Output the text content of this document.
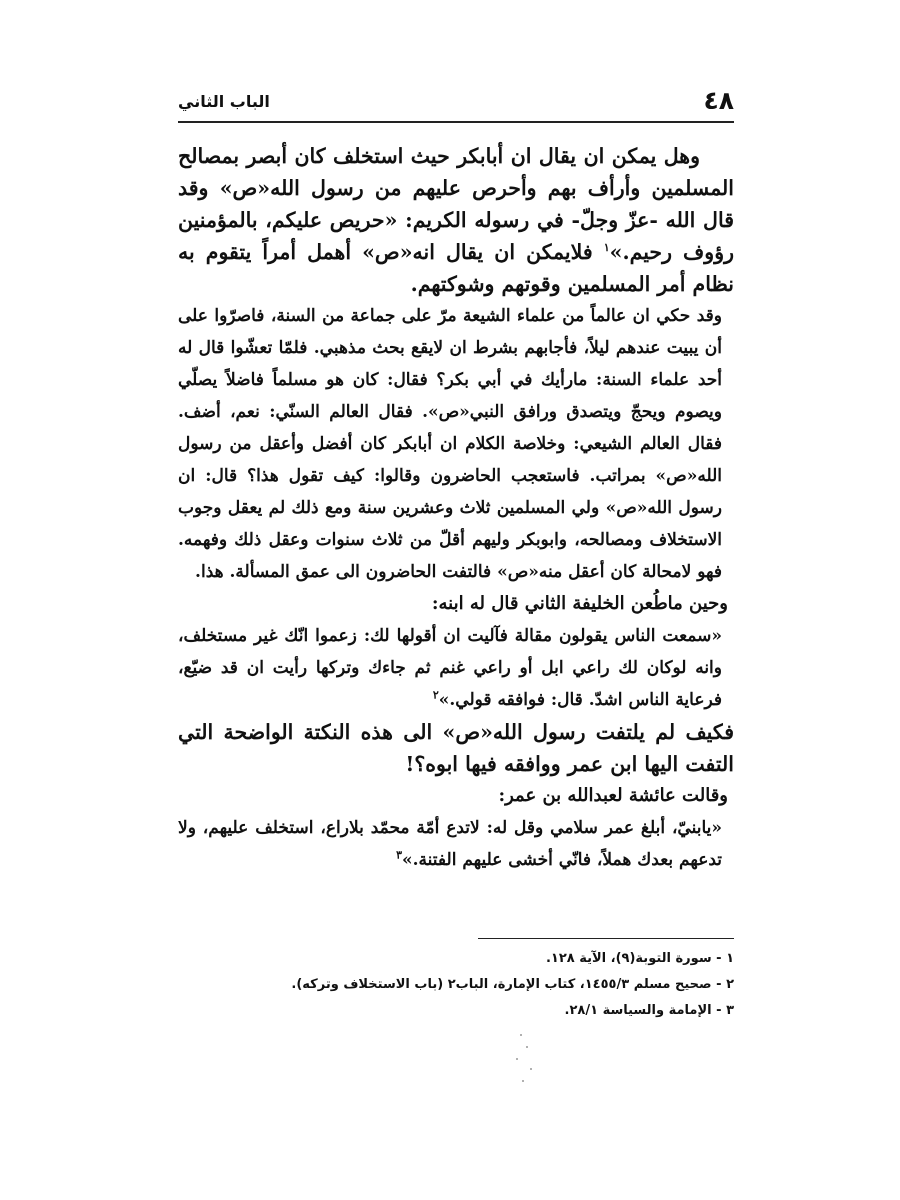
٤٨
الباب الثاني

وهل يمكن ان يقال ان أبابكر حيث استخلف كان أبصر بمصالح المسلمين وأرأف بهم وأحرص عليهم من رسول الله«ص» وقد قال الله -عزّ وجلّ- في رسوله الكريم: «حريص عليكم، بالمؤمنين رؤوف رحيم.»$^١$ فلايمكن ان يقال انه«ص» أهمل أمراً يتقوم به نظام أمر المسلمين وقوتهم وشوكتهم.

وقد حكي ان عالماً من علماء الشيعة مرّ على جماعة من السنة، فاصرّوا على أن يبيت عندهم ليلاً، فأجابهم بشرط ان لايقع بحث مذهبي. فلمّا تعشّوا قال له أحد علماء السنة: مارأيك في أبي بكر؟ فقال: كان هو مسلماً فاضلاً يصلّي ويصوم ويحجّ ويتصدق ورافق النبي«ص». فقال العالم السنّي: نعم، أضف. فقال العالم الشيعي: وخلاصة الكلام ان أبابكر كان أفضل وأعقل من رسول الله«ص» بمراتب. فاستعجب الحاضرون وقالوا: كيف تقول هذا؟ قال: ان رسول الله«ص» ولي المسلمين ثلاث وعشرين سنة ومع ذلك لم يعقل وجوب الاستخلاف ومصالحه، وابوبكر وليهم أقلّ من ثلاث سنوات وعقل ذلك وفهمه. فهو لامحالة كان أعقل منه«ص» فالتفت الحاضرون الى عمق المسألة. هذا.

وحين ماطُعن الخليفة الثاني قال له ابنه:

«سمعت الناس يقولون مقالة فآليت ان أقولها لك: زعموا انّك غير مستخلف، وانه لوكان لك راعي ابل أو راعي غنم ثم جاءك وتركها رأيت ان قد ضيّع، فرعاية الناس اشدّ. قال: فوافقه قولي.»$^٢$

فكيف لم يلتفت رسول الله«ص» الى هذه النكتة الواضحة التي التفت اليها ابن عمر ووافقه فيها ابوه؟!

وقالت عائشة لعبدالله بن عمر:

«يابنيّ، أبلغ عمر سلامي وقل له: لاتدع أمّة محمّد بلاراع، استخلف عليهم، ولا تدعهم بعدك هملاً، فانّي أخشى عليهم الفتنة.»$^٣$

١ - سورة التوبة(٩)، الآية ١٢٨.

٢ - صحيح مسلم ١٤٥٥/٣، كتاب الإمارة، الباب٢ (باب الاستخلاف وتركه).

٣ - الإمامة والسياسة ٢٨/١.
